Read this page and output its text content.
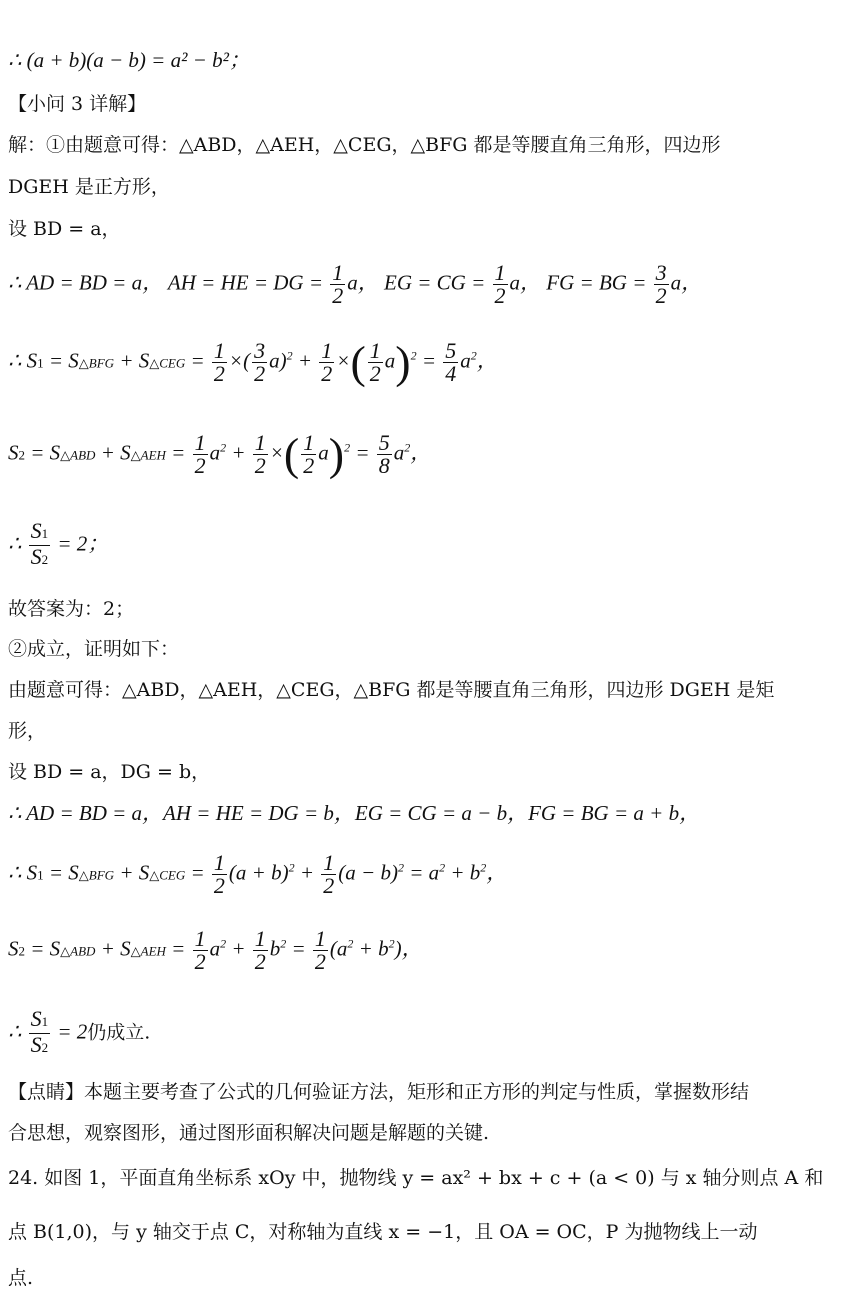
∴ (a + b)(a − b) = a² − b²；
【小问 3 详解】
解：①由题意可得：△ABD，△AEH，△CEG，△BFG 都是等腰直角三角形，四边形
DGEH 是正方形，
设 BD = a，
∴ AD = BD = a， AH = HE = DG = $\frac{1}{2}$ a， EG = CG = $\frac{1}{2}$ a， FG = BG = $\frac{3}{2}$ a，
∴ S1 = S△BFG + S△CEG = $\frac{1}{2}$ ×( $\frac{3}{2} a)^2 + \frac{1}{2}$ ×( $\frac{1}{2} a)^2 = \frac{5}{4} a^2$，
S2 = S△ABD + S△AEH = $\frac{1}{2} a^2 + \frac{1}{2}$ ×( $\frac{1}{2} a)^2 = \frac{5}{8} a^2$，
∴ $\frac{S1}{S2} = 2$；
故答案为：2；
②成立，证明如下：
由题意可得：△ABD，△AEH，△CEG，△BFG 都是等腰直角三角形，四边形 DGEH 是矩
形，
设 BD = a，DG = b，
∴ AD = BD = a，AH = HE = DG = b，EG = CG = a − b，FG = BG = a + b，
∴ S1 = S△BFG + S△CEG = $\frac{1}{2} (a + b)^2 + \frac{1}{2} (a - b)^2 = a^2 + b^2$，
S2 = S△ABD + S△AEH = $\frac{1}{2} a^2 + \frac{1}{2} b^2 = \frac{1}{2} (a^2 + b^2)$，
∴ $\frac{S1}{S2} = 2$仍成立.
【点睛】本题主要考查了公式的几何验证方法，矩形和正方形的判定与性质，掌握数形结
合思想，观察图形，通过图形面积解决问题是解题的关键.
24. 如图 1，平面直角坐标系 xOy 中，抛物线 y = ax² + bx + c + (a < 0) 与 x 轴分则点 A 和
点 B(1,0)，与 y 轴交于点 C，对称轴为直线 x = −1，且 OA = OC，P 为抛物线上一动
点.
